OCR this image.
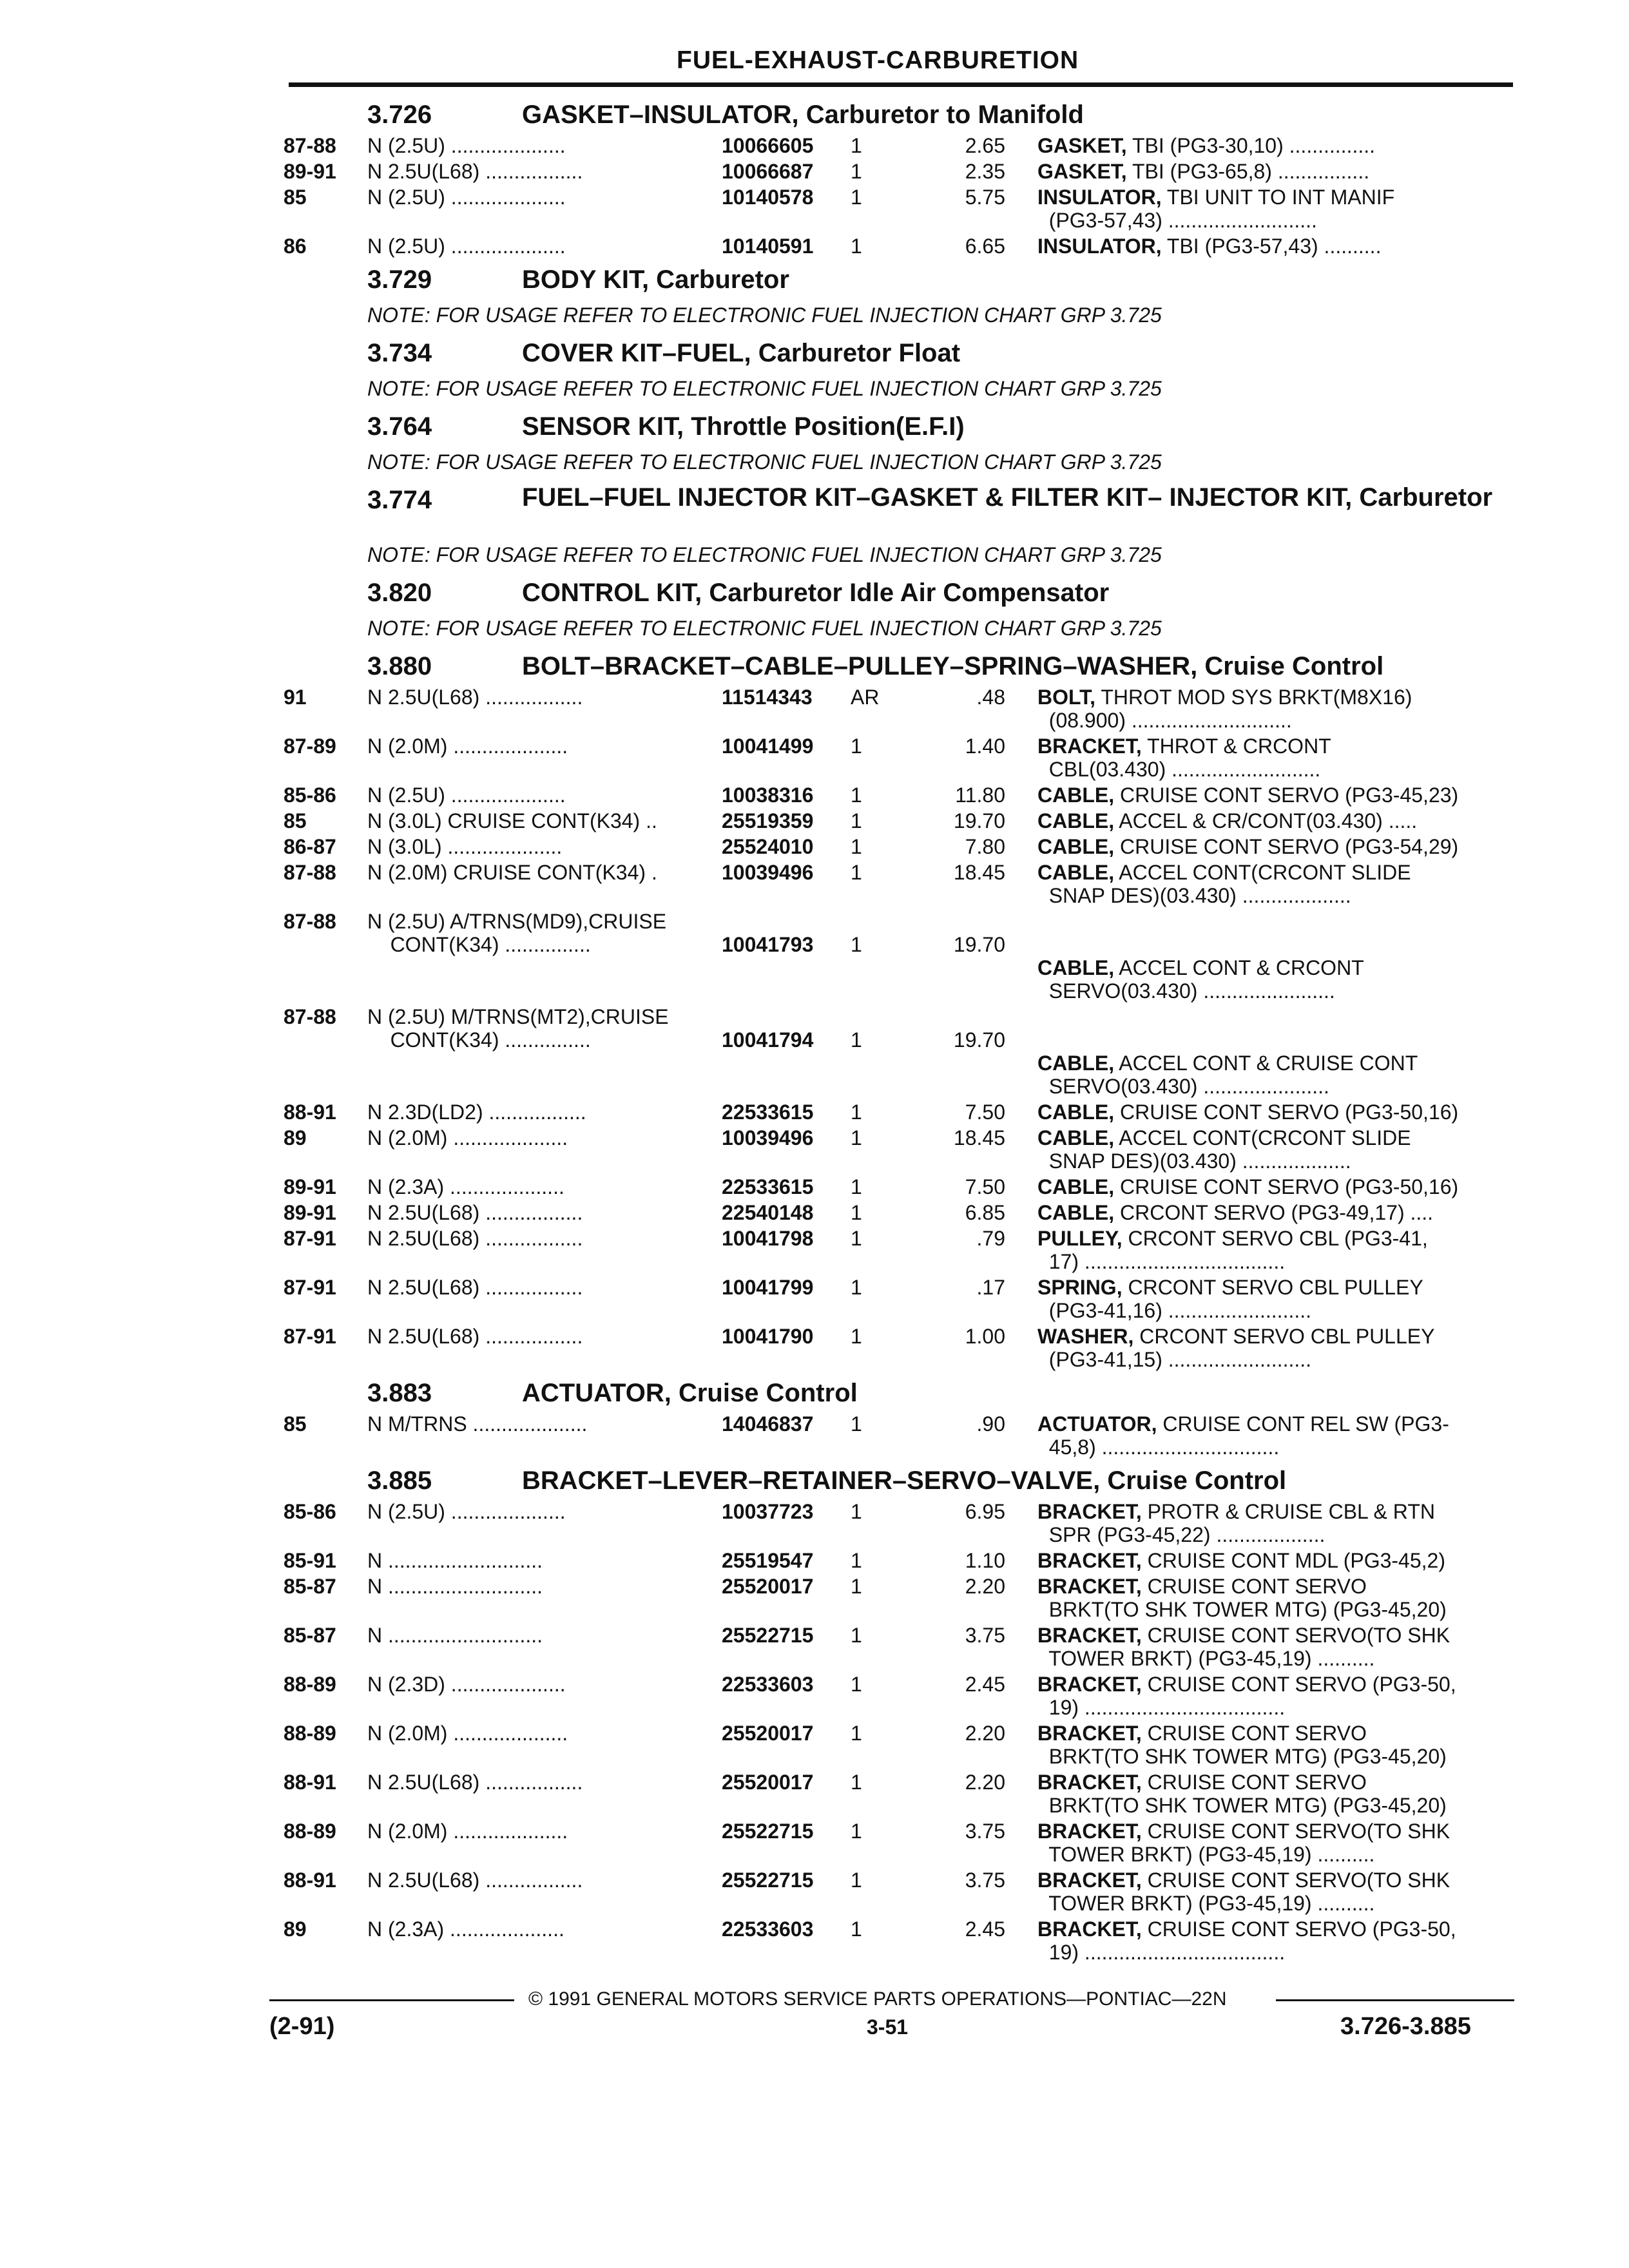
FUEL-EXHAUST-CARBURETION
3.726	GASKET–INSULATOR, Carburetor to Manifold
87-88 N (2.5U) ....................	10066605 1	2.65 GASKET, TBI (PG3-30,10) ...............
89-91 N 2.5U(L68) .................	10066687 1	2.35 GASKET, TBI (PG3-65,8) ................
85	N (2.5U) ....................	10140578 1	5.75 INSULATOR, TBI UNIT TO INT MANIF
(PG3-57,43) ..........................
86	N (2.5U) ....................	10140591 1	6.65 INSULATOR, TBI (PG3-57,43) ..........
3.729	BODY KIT, Carburetor
NOTE: FOR USAGE REFER TO ELECTRONIC FUEL INJECTION CHART GRP 3.725
3.734	COVER KIT–FUEL, Carburetor Float
NOTE: FOR USAGE REFER TO ELECTRONIC FUEL INJECTION CHART GRP 3.725
3.764	SENSOR KIT, Throttle Position(E.F.I)
NOTE: FOR USAGE REFER TO ELECTRONIC FUEL INJECTION CHART GRP 3.725
3.774	FUEL–FUEL INJECTOR KIT–GASKET & FILTER KIT– INJECTOR KIT, Carburetor
NOTE: FOR USAGE REFER TO ELECTRONIC FUEL INJECTION CHART GRP 3.725
3.820	CONTROL KIT, Carburetor Idle Air Compensator
NOTE: FOR USAGE REFER TO ELECTRONIC FUEL INJECTION CHART GRP 3.725
3.880	BOLT–BRACKET–CABLE–PULLEY–SPRING–WASHER, Cruise Control
91	N 2.5U(L68) .................	11514343 AR	.48 BOLT, THROT MOD SYS BRKT(M8X16)
(08.900) ............................
87-89 N (2.0M) ....................	10041499 1	1.40 BRACKET, THROT & CRCONT
CBL(03.430) ..........................
85-86 N (2.5U) ....................	10038316 1	11.80 CABLE, CRUISE CONT SERVO (PG3-45,23)
85	N (3.0L) CRUISE CONT(K34) ..	25519359 1	19.70 CABLE, ACCEL & CR/CONT(03.430) .....
86-87 N (3.0L) ....................	25524010 1	7.80 CABLE, CRUISE CONT SERVO (PG3-54,29)
87-88 N (2.0M) CRUISE CONT(K34) .	10039496 1	18.45 CABLE, ACCEL CONT(CRCONT SLIDE
SNAP DES)(03.430) ...................
87-88 N (2.5U) A/TRNS(MD9),CRUISE
CONT(K34) ...............	10041793 1	19.70
CABLE, ACCEL CONT & CRCONT
SERVO(03.430) .......................
87-88 N (2.5U) M/TRNS(MT2),CRUISE
CONT(K34) ...............	10041794 1	19.70
CABLE, ACCEL CONT & CRUISE CONT
SERVO(03.430) ......................
88-91 N 2.3D(LD2) .................	22533615 1	7.50 CABLE, CRUISE CONT SERVO (PG3-50,16)
89	N (2.0M) ....................	10039496 1	18.45 CABLE, ACCEL CONT(CRCONT SLIDE
SNAP DES)(03.430) ...................
89-91 N (2.3A) ....................	22533615 1	7.50 CABLE, CRUISE CONT SERVO (PG3-50,16)
89-91 N 2.5U(L68) .................	22540148 1	6.85 CABLE, CRCONT SERVO (PG3-49,17) ....
87-91 N 2.5U(L68) .................	10041798 1	.79 PULLEY, CRCONT SERVO CBL (PG3-41,
17) ...................................
87-91 N 2.5U(L68) .................	10041799 1	.17 SPRING, CRCONT SERVO CBL PULLEY
(PG3-41,16) .........................
87-91 N 2.5U(L68) .................	10041790 1	1.00 WASHER, CRCONT SERVO CBL PULLEY
(PG3-41,15) .........................
3.883	ACTUATOR, Cruise Control
85	N M/TRNS ....................	14046837 1	.90 ACTUATOR, CRUISE CONT REL SW (PG3-
45,8) ...............................
3.885	BRACKET–LEVER–RETAINER–SERVO–VALVE, Cruise Control
85-86 N (2.5U) ....................	10037723 1	6.95 BRACKET, PROTR & CRUISE CBL & RTN
SPR (PG3-45,22) ...................
85-91 N ...........................	25519547 1	1.10 BRACKET, CRUISE CONT MDL (PG3-45,2)
85-87 N ...........................	25520017 1	2.20 BRACKET, CRUISE CONT SERVO
BRKT(TO SHK TOWER MTG) (PG3-45,20)
85-87 N ...........................	25522715 1	3.75 BRACKET, CRUISE CONT SERVO(TO SHK
TOWER BRKT) (PG3-45,19) ..........
88-89 N (2.3D) ....................	22533603 1	2.45 BRACKET, CRUISE CONT SERVO (PG3-50,
19) ...................................
88-89 N (2.0M) ....................	25520017 1	2.20 BRACKET, CRUISE CONT SERVO
BRKT(TO SHK TOWER MTG) (PG3-45,20)
88-91 N 2.5U(L68) .................	25520017 1	2.20 BRACKET, CRUISE CONT SERVO
BRKT(TO SHK TOWER MTG) (PG3-45,20)
88-89 N (2.0M) ....................	25522715 1	3.75 BRACKET, CRUISE CONT SERVO(TO SHK
TOWER BRKT) (PG3-45,19) ..........
88-91 N 2.5U(L68) .................	25522715 1	3.75 BRACKET, CRUISE CONT SERVO(TO SHK
TOWER BRKT) (PG3-45,19) ..........
89	N (2.3A) ....................	22533603 1	2.45 BRACKET, CRUISE CONT SERVO (PG3-50,
19) ...................................
© 1991 GENERAL MOTORS SERVICE PARTS OPERATIONS—PONTIAC—22N
(2-91)	3-51	3.726-3.885
